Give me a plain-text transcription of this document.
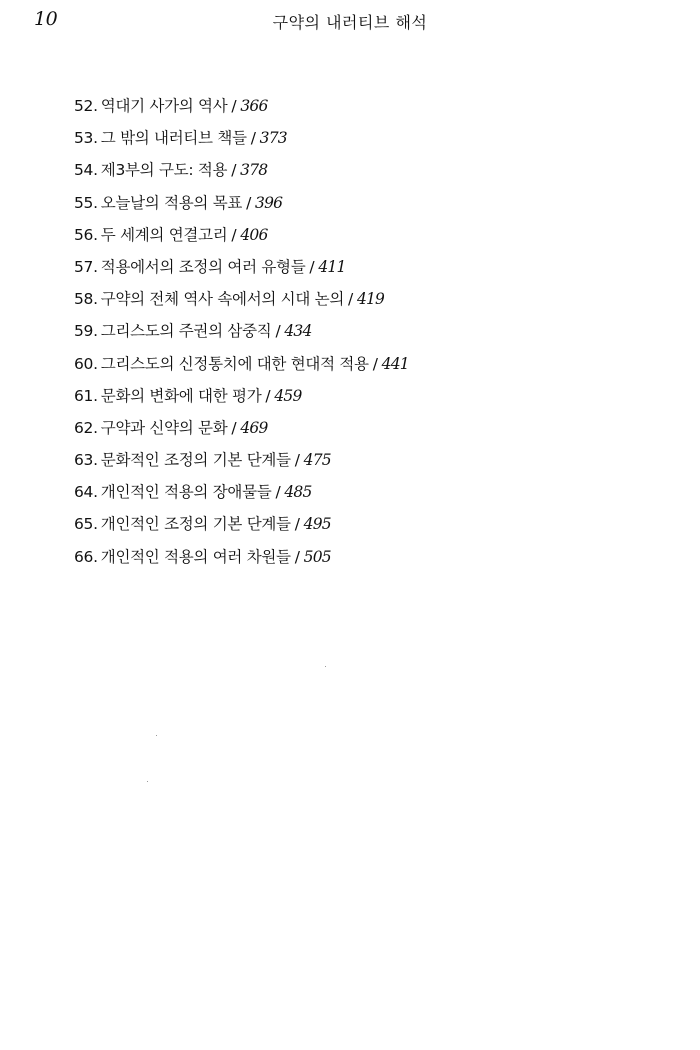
10	구약의 내러티브 해석
52. 역대기 사가의 역사 / 366
53. 그 밖의 내러티브 책들 / 373
54. 제3부의 구도: 적용 / 378
55. 오늘날의 적용의 목표 / 396
56. 두 세계의 연결고리 / 406
57. 적용에서의 조정의 여러 유형들 / 411
58. 구약의 전체 역사 속에서의 시대 논의 / 419
59. 그리스도의 주권의 삼중직 / 434
60. 그리스도의 신정통치에 대한 현대적 적용 / 441
61. 문화의 변화에 대한 평가 / 459
62. 구약과 신약의 문화 / 469
63. 문화적인 조정의 기본 단계들 / 475
64. 개인적인 적용의 장애물들 / 485
65. 개인적인 조정의 기본 단계들 / 495
66. 개인적인 적용의 여러 차원들 / 505
